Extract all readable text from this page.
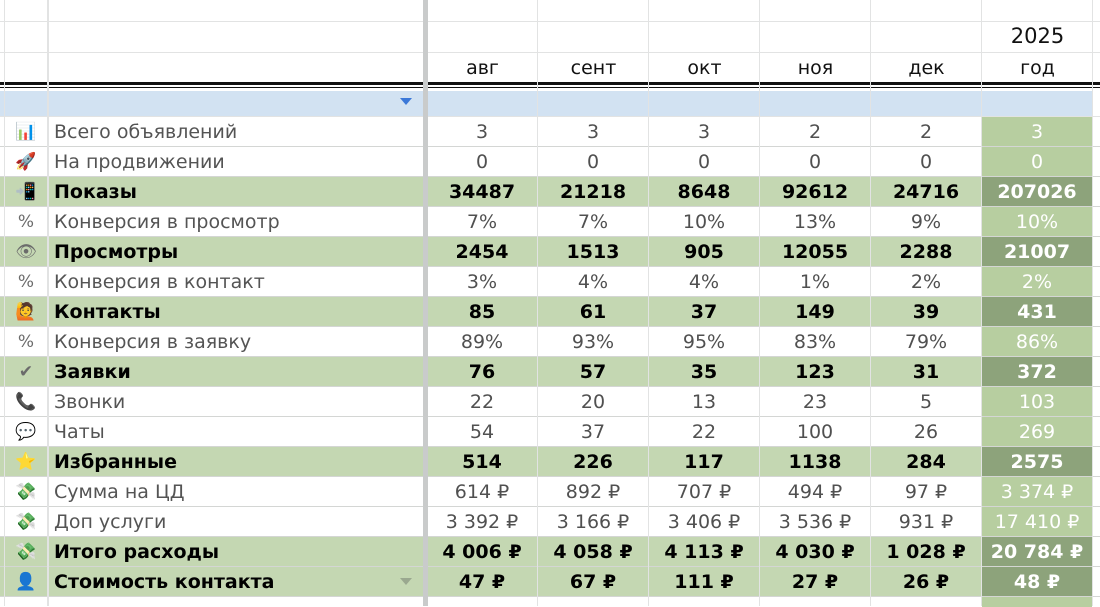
2025
авг	сент	окт	ноя	дек	год
📊 Всего объявлений	3	3	3	2	2	3
🚀 На продвижении	0	0	0	0	0	0
📲 Показы	34487	21218	8648	92612	24716	207026
%	Конверсия в просмотр	7%	7%	10%	13%	9%	10%
👁 Просмотры	2454	1513	905	12055	2288	21007
%	Конверсия в контакт	3%	4%	4%	1%	2%	2%
🙋 Контакты	85	61	37	149	39	431
%	Конверсия в заявку	89%	93%	95%	83%	79%	86%
✔	Заявки	76	57	35	123	31	372
📞 Звонки	22	20	13	23	5	103
💬 Чаты	54	37	22	100	26	269
⭐ Избранные	514	226	117	1138	284	2575
💸 Сумма на ЦД	614 ₽	892 ₽	707 ₽	494 ₽	97 ₽	3 374 ₽
💸 Доп услуги	3 392 ₽	3 166 ₽	3 406 ₽	3 536 ₽	931 ₽	17 410 ₽
💸 Итого расходы	4 006 ₽	4 058 ₽	4 113 ₽	4 030 ₽	1 028 ₽	20 784 ₽
👤 Стоимость контакта	47 ₽	67 ₽	111 ₽	27 ₽	26 ₽	48 ₽
